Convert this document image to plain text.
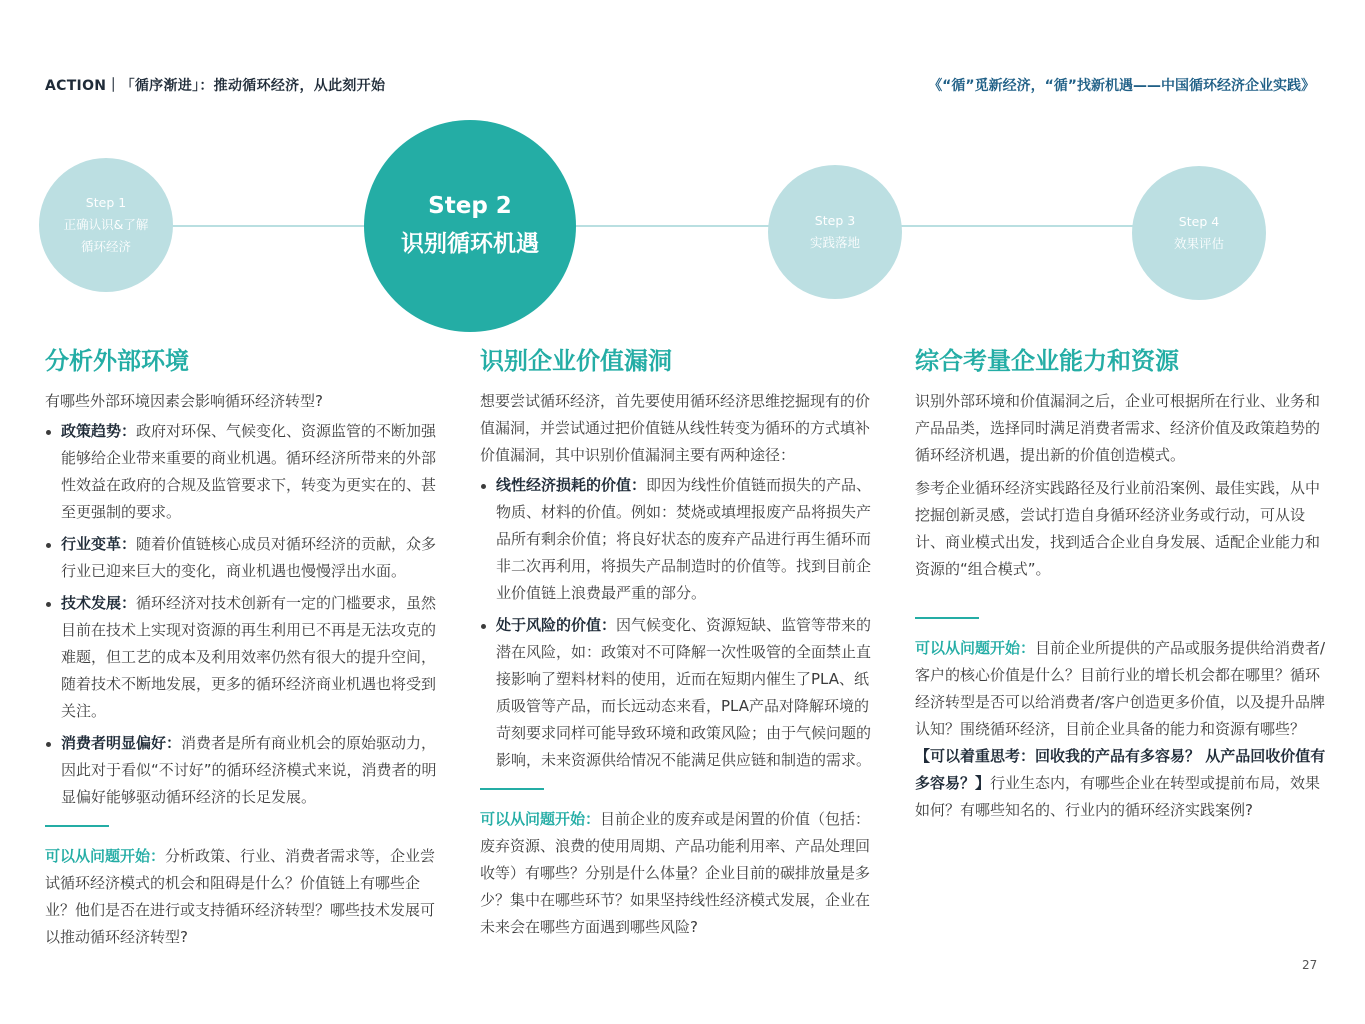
ACTION｜「循序渐进」：推动循环经济，从此刻开始	《“循”觅新经济，“循”找新机遇——中国循环经济企业实践》
Step 1
正确认识&了解
循环经济
Step 2
识别循环机遇
Step 3
实践落地
Step 4
效果评估
分析外部环境

有哪些外部环境因素会影响循环经济转型?

政策趋势：政府对环保、气候变化、资源监管的不断加强能够给企业带来重要的商业机遇。循环经济所带来的外部性效益在政府的合规及监管要求下，转变为更实在的、甚至更强制的要求。
行业变革：随着价值链核心成员对循环经济的贡献，众多行业已迎来巨大的变化，商业机遇也慢慢浮出水面。
技术发展：循环经济对技术创新有一定的门槛要求，虽然目前在技术上实现对资源的再生利用已不再是无法攻克的难题，但工艺的成本及利用效率仍然有很大的提升空间，随着技术不断地发展，更多的循环经济商业机遇也将受到关注。
消费者明显偏好：消费者是所有商业机会的原始驱动力，因此对于看似“不讨好”的循环经济模式来说，消费者的明显偏好能够驱动循环经济的长足发展。

可以从问题开始：分析政策、行业、消费者需求等，企业尝试循环经济模式的机会和阻碍是什么？价值链上有哪些企业？他们是否在进行或支持循环经济转型？哪些技术发展可以推动循环经济转型?

识别企业价值漏洞

想要尝试循环经济，首先要使用循环经济思维挖掘现有的价值漏洞，并尝试通过把价值链从线性转变为循环的方式填补价值漏洞，其中识别价值漏洞主要有两种途径：

线性经济损耗的价值：即因为线性价值链而损失的产品、物质、材料的价值。例如：焚烧或填埋报废产品将损失产品所有剩余价值；将良好状态的废弃产品进行再生循环而非二次再利用，将损失产品制造时的价值等。找到目前企业价值链上浪费最严重的部分。
处于风险的价值：因气候变化、资源短缺、监管等带来的潜在风险，如：政策对不可降解一次性吸管的全面禁止直接影响了塑料材料的使用，近而在短期内催生了PLA、纸质吸管等产品，而长远动态来看，PLA产品对降解环境的苛刻要求同样可能导致环境和政策风险；由于气候问题的影响，未来资源供给情况不能满足供应链和制造的需求。

可以从问题开始：目前企业的废弃或是闲置的价值（包括：废弃资源、浪费的使用周期、产品功能利用率、产品处理回收等）有哪些？分别是什么体量？企业目前的碳排放量是多少？集中在哪些环节？如果坚持线性经济模式发展，企业在未来会在哪些方面遇到哪些风险?

综合考量企业能力和资源

识别外部环境和价值漏洞之后，企业可根据所在行业、业务和产品品类，选择同时满足消费者需求、经济价值及政策趋势的循环经济机遇，提出新的价值创造模式。

参考企业循环经济实践路径及行业前沿案例、最佳实践，从中挖掘创新灵感，尝试打造自身循环经济业务或行动，可从设计、商业模式出发，找到适合企业自身发展、适配企业能力和资源的“组合模式”。

可以从问题开始：目前企业所提供的产品或服务提供给消费者/客户的核心价值是什么？目前行业的增长机会都在哪里？循环经济转型是否可以给消费者/客户创造更多价值，以及提升品牌认知？围绕循环经济，目前企业具备的能力和资源有哪些？【可以着重思考：回收我的产品有多容易？ 从产品回收价值有多容易？】行业生态内，有哪些企业在转型或提前布局，效果如何？有哪些知名的、行业内的循环经济实践案例?

27
